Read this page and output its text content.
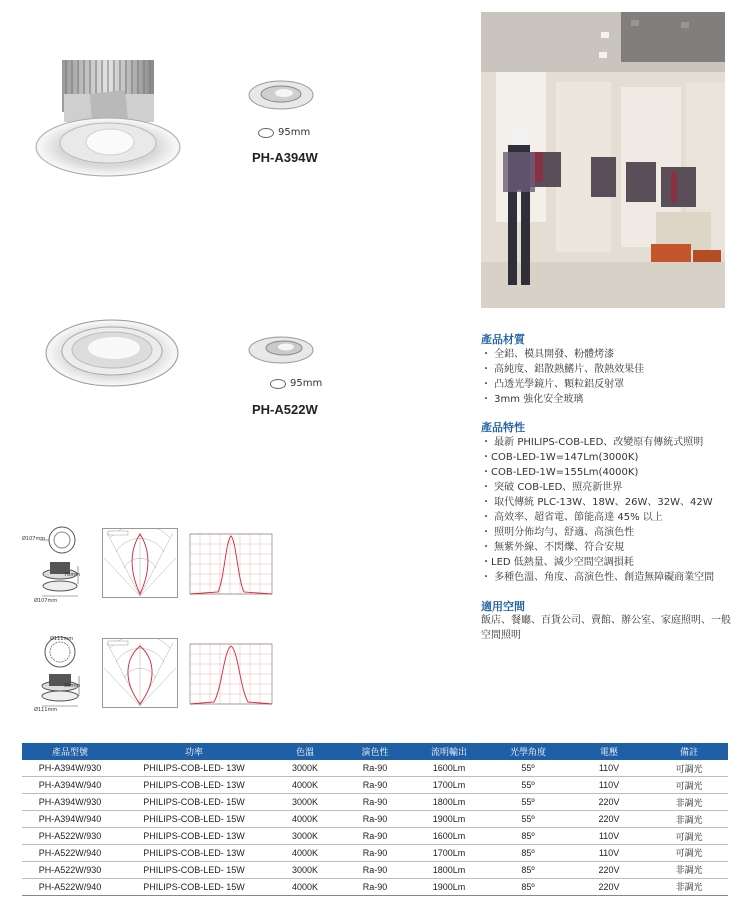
95mm
PH-A394W
95mm
PH-A522W
產品材質
・ 全鋁、模具開發、粉體烤漆
・ 高純度、鋁散熱鰭片、散熱效果佳
・ 凸透光學鏡片、顆粒鋁反射罩
・ 3mm 強化安全玻璃
產品特性
・ 最新 PHILIPS-COB-LED、改變原有傳統式照明
・COB-LED-1W=147Lm(3000K)
・COB-LED-1W=155Lm(4000K)
・ 突破 COB-LED、照亮新世界
・ 取代傳統 PLC-13W、18W、26W、32W、42W
・ 高效率、超省電、節能高達 45% 以上
・ 照明分佈均勻、舒適、高演色性
・ 無紫外線、不閃爍、符合安規
・LED 低熱量、減少空間空調損耗
・ 多種色溫、角度、高演色性、創造無障礙商業空間
適用空間
飯店、餐廳、百貨公司、賣館、辦公室、家庭照明、一般空間照明
Ø107mm
70mm
Ø107mm
Ø111mm
90mm
Ø111mm
產品型號	功率	色溫	演色性	流明輸出	光學角度	電壓	備註
PH-A394W/930	PHILIPS-COB-LED- 13W	3000K	Ra-90	1600Lm	55º	110V	可調光
PH-A394W/940	PHILIPS-COB-LED- 13W	4000K	Ra-90	1700Lm	55º	110V	可調光
PH-A394W/930	PHILIPS-COB-LED- 15W	3000K	Ra-90	1800Lm	55º	220V	非調光
PH-A394W/940	PHILIPS-COB-LED- 15W	4000K	Ra-90	1900Lm	55º	220V	非調光
PH-A522W/930	PHILIPS-COB-LED- 13W	3000K	Ra-90	1600Lm	85º	110V	可調光
PH-A522W/940	PHILIPS-COB-LED- 13W	4000K	Ra-90	1700Lm	85º	110V	可調光
PH-A522W/930	PHILIPS-COB-LED- 15W	3000K	Ra-90	1800Lm	85º	220V	非調光
PH-A522W/940	PHILIPS-COB-LED- 15W	4000K	Ra-90	1900Lm	85º	220V	非調光
